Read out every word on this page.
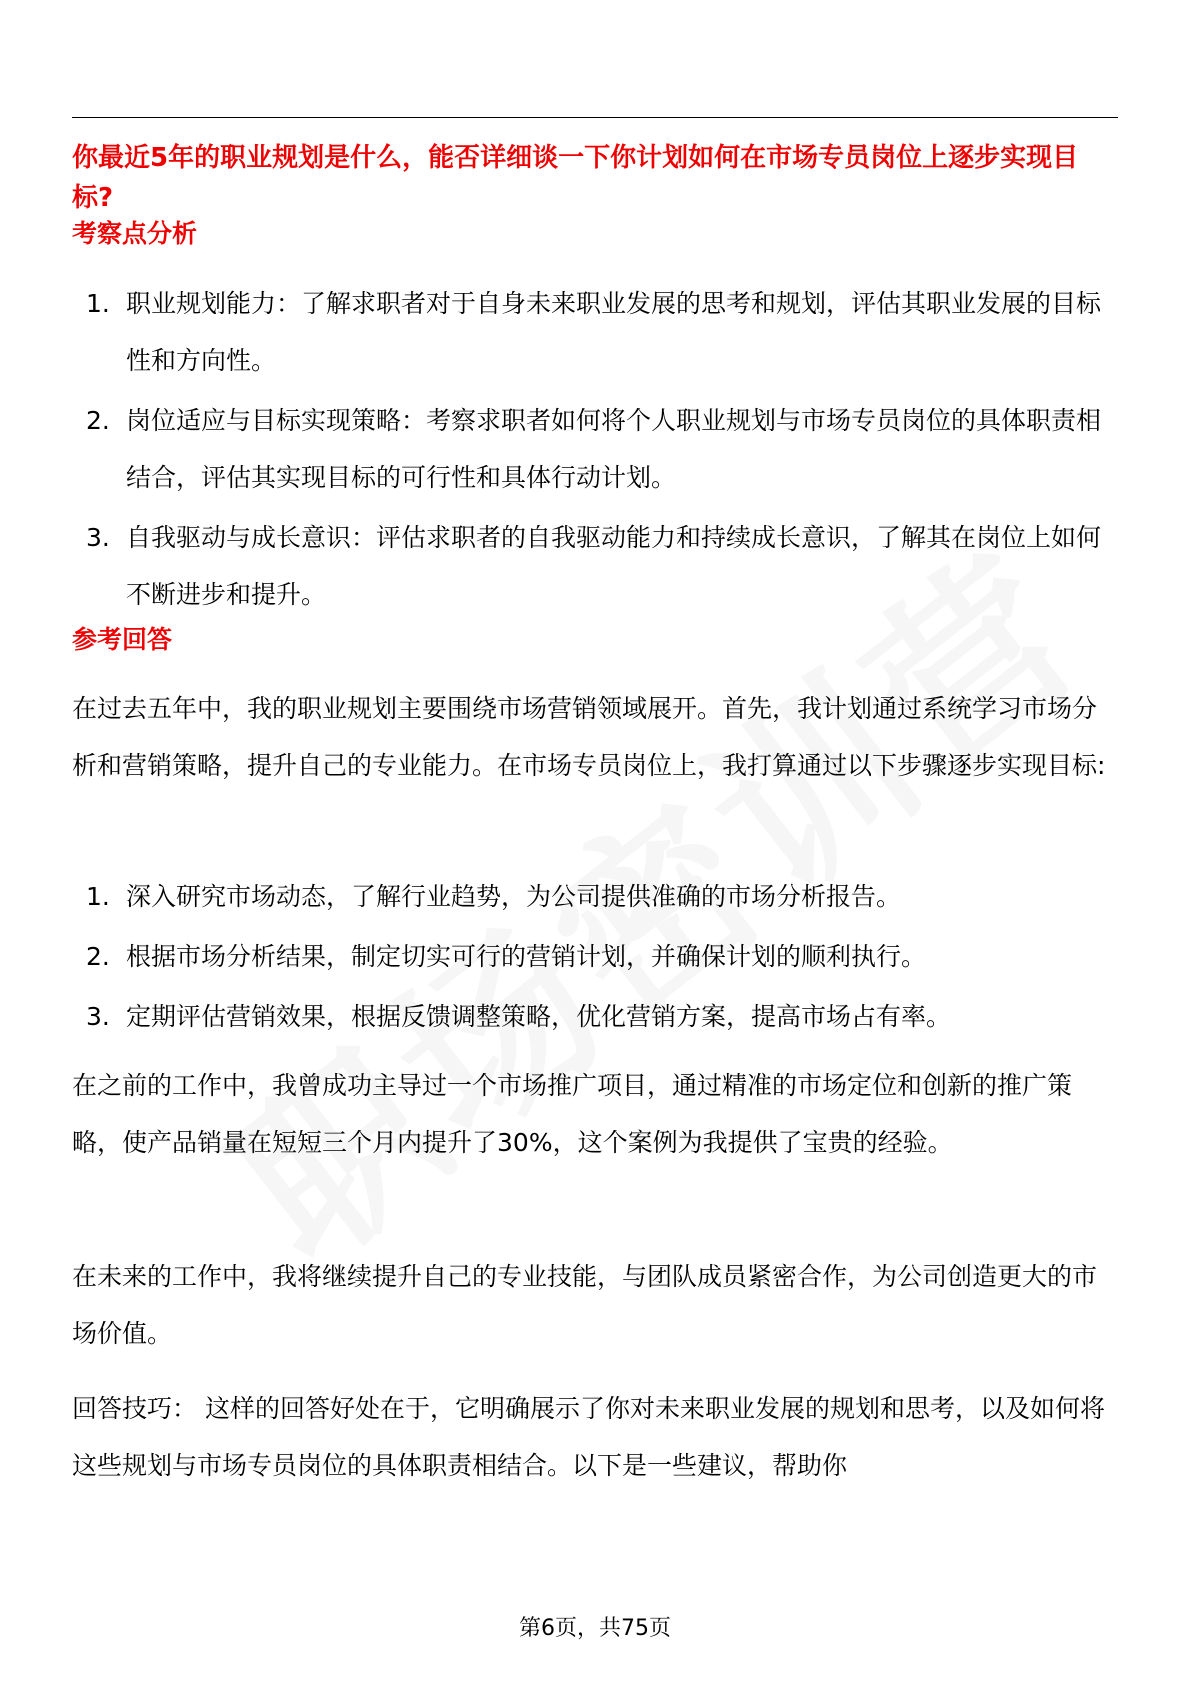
你最近5年的职业规划是什么，能否详细谈一下你计划如何在市场专员岗位上逐步实现目标?
考察点分析
1. 职业规划能力：了解求职者对于自身未来职业发展的思考和规划，评估其职业发展的目标性和方向性。
2. 岗位适应与目标实现策略：考察求职者如何将个人职业规划与市场专员岗位的具体职责相结合，评估其实现目标的可行性和具体行动计划。
3. 自我驱动与成长意识：评估求职者的自我驱动能力和持续成长意识，了解其在岗位上如何不断进步和提升。
参考回答

在过去五年中，我的职业规划主要围绕市场营销领域展开。首先，我计划通过系统学习市场分析和营销策略，提升自己的专业能力。在市场专员岗位上，我打算通过以下步骤逐步实现目标:

1. 深入研究市场动态，了解行业趋势，为公司提供准确的市场分析报告。
2. 根据市场分析结果，制定切实可行的营销计划，并确保计划的顺利执行。
3. 定期评估营销效果，根据反馈调整策略，优化营销方案，提高市场占有率。

在之前的工作中，我曾成功主导过一个市场推广项目，通过精准的市场定位和创新的推广策略，使产品销量在短短三个月内提升了30%，这个案例为我提供了宝贵的经验。

在未来的工作中，我将继续提升自己的专业技能，与团队成员紧密合作，为公司创造更大的市场价值。

回答技巧： 这样的回答好处在于，它明确展示了你对未来职业发展的规划和思考，以及如何将这些规划与市场专员岗位的具体职责相结合。以下是一些建议，帮助你

第6页，共75页
